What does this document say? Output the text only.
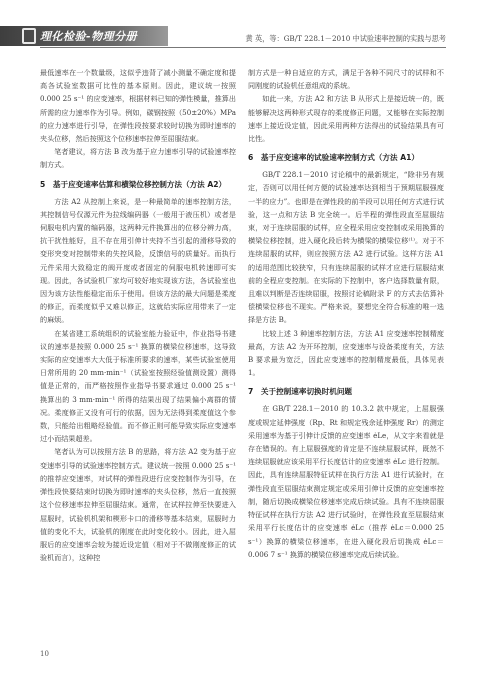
理化检验-物理分册	黄 英，等：GB/T 228.1－2010 中试验速率控制的实践与思考

最低速率在一个数量级，这似乎违背了减小测量不确定度和提高各试验室数据可比性的基本原则。因此，建议统一按照 0.000 25 s⁻¹ 的应变速率，根据材料已知的弹性模量，推算出所需的应力速率作为引导。例如，碳钢按照（50±20%）MPa 的应力速率进行引导，在弹性段按要求较时切换为即时速率的夹头位移，然后按照这个位移速率拉伸至屈服结束。

笔者建议，将方法 B 改为基于应力速率引导的试验速率控制方式。

5　基于应变速率估算和横梁位移控制方法（方法 A2）

方法 A2 从控制上来说，是一种最简单的速率控制方法，其控制信号仅源元件为拉线编码器（一般用于液压机）或者是伺服电机内置的编码器，这两种元件换算出的位移分辨力高，抗干扰性能好，且不存在用引伸计夹持不当引起的滑移导致的变形突变对控制带来的失控风险，反馈信号的质量好。而执行元件采用大致稳定的阀开度或者固定的伺服电机转速即可实现。因此，各试验机厂家均可较好地实现该方法，各试验室也因为该方法性能稳定而乐于使用。但该方法的最大问题是柔度的修正，而柔度似乎又难以修正，这就给实际应用带来了一定的麻烦。

在某省建工系统组织的试验室能力验证中，作业指导书建议的速率是按照 0.000 25 s⁻¹ 换算的横梁位移速率，这导致实际的应变速率大大低于标准所要求的速率，某些试验室使用日常所用的 20 mm·min⁻¹（试验室按照经验值测设置）测得值是正常的，而严格按照作业指导书要求通过 0.000 25 s⁻¹ 换算出的 3 mm·min⁻¹ 所得的结果出现了结果偏小离群的情况。柔度修正又没有可行的依据，因为无法得到柔度值这个参数，只能给出粗略经验值。而不修正则可能导致实际应变速率过小而结果超差。

笔者认为可以按照方法 B 的思路，将方法 A2 变为基于应变速率引导的试验速率控制方式。建议统一按照 0.000 25 s⁻¹ 的推荐应变速率，对试样的弹性段进行应变控制作为引导，在弹性段快要结束时切换为即时速率的夹头位移，然后一直按照这个位移速率拉伸至屈服结束。通常，在试样拉伸至快要进入屈服时，试验机机架和楔形卡口的滑移等基本结束，屈服时力值的变化不大，试验机的刚度在此时变化较小。因此，进入屈服后的应变速率会较为接近设定值（相对于不做刚度修正的试验机而言），这种控

制方式是一种自适应的方式，满足于各种不同尺寸的试样和不同刚度的试验机任意组成的系统。

如此一来，方法 A2 和方法 B 从形式上是接近统一的，既能够解决这两种形式现存的柔度修正问题，又能够在实际控制速率上接近设定值，因此采用两种方法得出的试验结果具有可比性。

6　基于应变速率的试验速率控制方式（方法 A1）

GB/T 228.1－2010 讨论稿中的最新规定，“除非另有规定，否则可以用任何方便的试验速率达到相当于预期屈服强度一半的应力”。也即是在弹性段的前半段可以用任何方式进行试验，这一点和方法 B 完全统一。后半程的弹性段直至屈服结束，对于连续屈服的试样，应全程采用应变控制或采用换算的横梁位移控制，进入硬化段后转为横梁的横梁位移⁽¹⁾。对于不连续屈服的试样，则应按照方法 A2 进行试验。这样方法 A1 的适用范围比较狭窄，只有连续屈服的试样才应进行屈服结束前的全程应变控制。在实际的下控制中，客户选择数量有限，且难以判断是否连续屈服，按照讨论稿附录 F 的方式去估算补偿横梁位移也不现实。严格来说，要想完全符合标准的唯一选择是方法 B。

比较上述 3 种速率控制方法，方法 A1 应变速率控制精度最高，方法 A2 为开环控制，应变速率与设备柔度有关，方法 B 要求最为宽泛，因此应变速率的控制精度最低，具体见表 1。

7　关于控制速率切换时机问题

在 GB/T 228.1－2010 的 10.3.2 款中规定，上屈服强度或规定延伸强度（Rp、Rt 和规定残余延伸强度 Rr）的测定采用速率为基于引伸计反馈的应变速率 ėLe，从文字来看就是存在错误的。有上屈服强度的肯定是不连续屈服试样，既然不连续屈服就应该采用平行长度估计的应变速率 ėLc 进行控制。因此，具有连续屈服特征试样在执行方法 A1 进行试验时，在弹性段直至屈服结束测定规定或采用引伸计反馈的应变速率控制，随后切换成横梁位移速率完成后续试验。具有不连续屈服特征试样在执行方法 A2 进行试验时，在弹性段直至屈服结束采用平行长度估计的应变速率 ėLc（推荐 ėLc＝0.000 25 s⁻¹）换算的横梁位移速率，在进入硬化段后切换成 ėLc＝0.006 7 s⁻¹ 换算的横梁位移速率完成后续试验。

10
